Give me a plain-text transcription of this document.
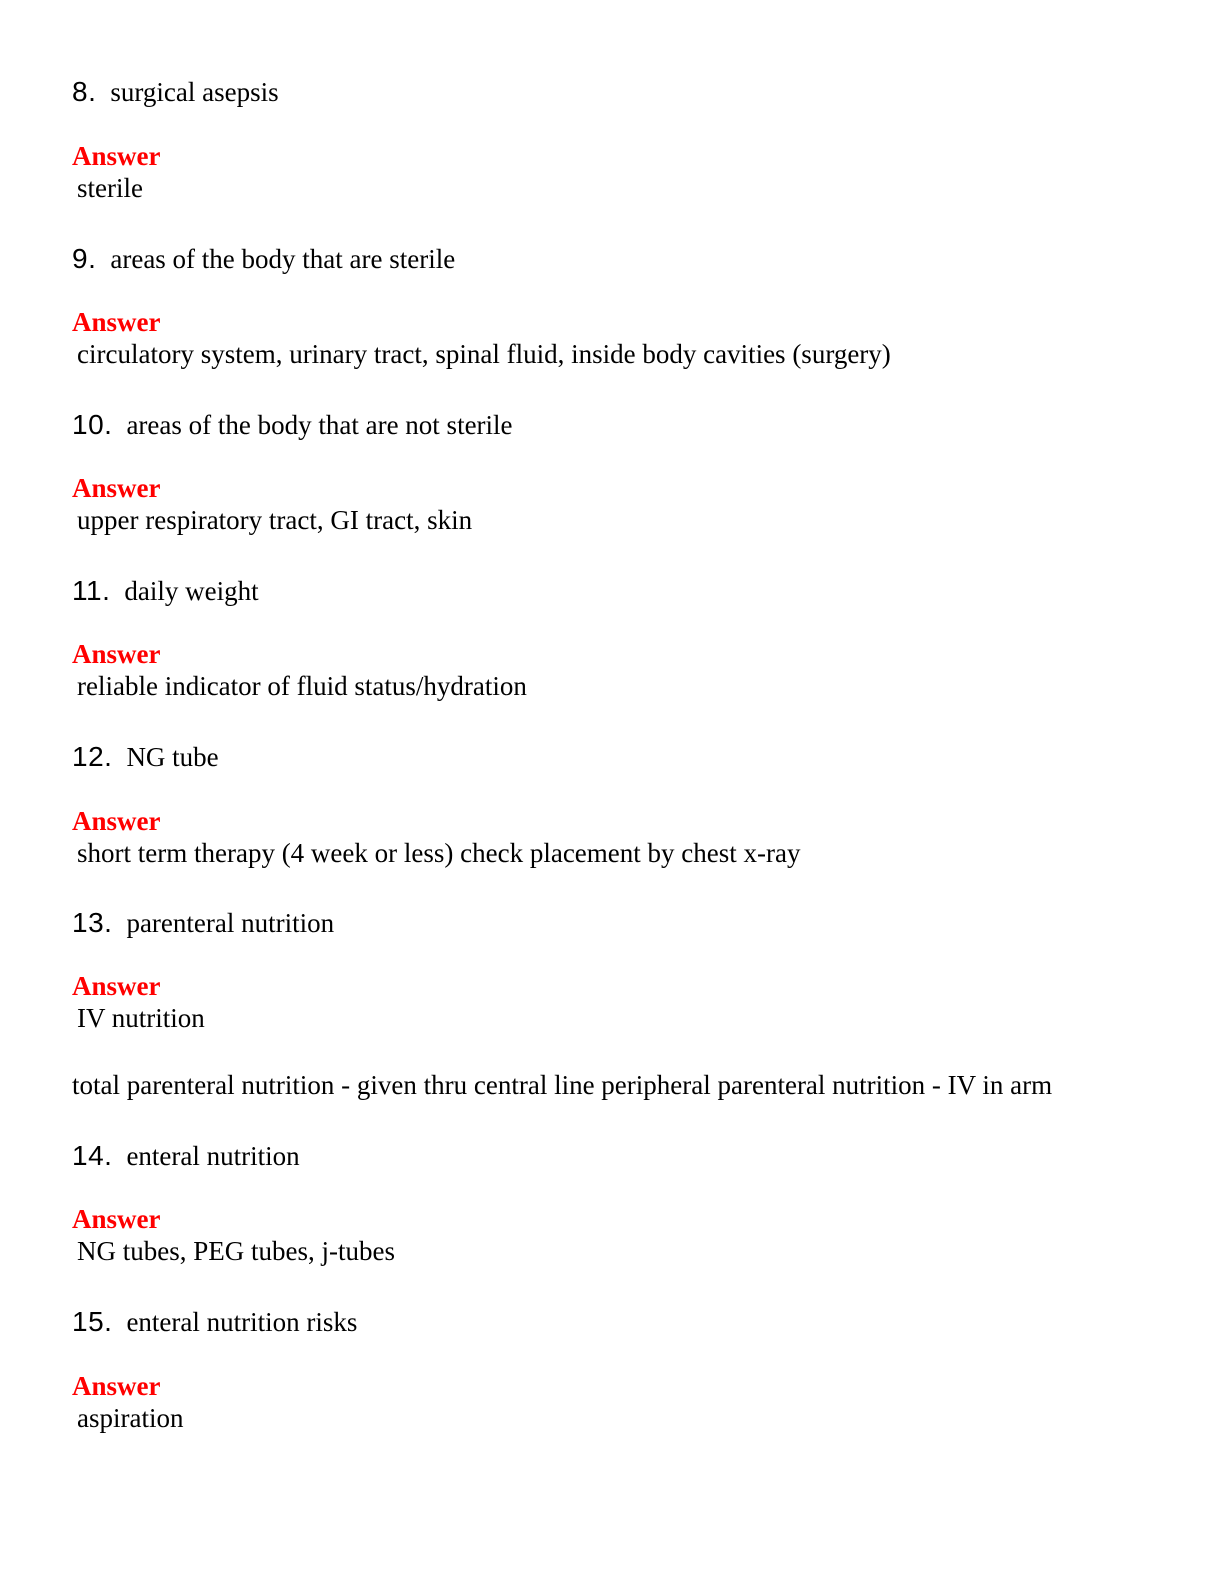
8. surgical asepsis
Answer
sterile
9. areas of the body that are sterile
Answer
circulatory system, urinary tract, spinal fluid, inside body cavities (surgery)
10. areas of the body that are not sterile
Answer
upper respiratory tract, GI tract, skin
11. daily weight
Answer
reliable indicator of fluid status/hydration
12. NG tube
Answer
short term therapy (4 week or less) check placement by chest x-ray
13. parenteral nutrition
Answer
IV nutrition
total parenteral nutrition - given thru central line peripheral parenteral nutrition - IV in arm
14. enteral nutrition
Answer
NG tubes, PEG tubes, j-tubes
15. enteral nutrition risks
Answer
aspiration
